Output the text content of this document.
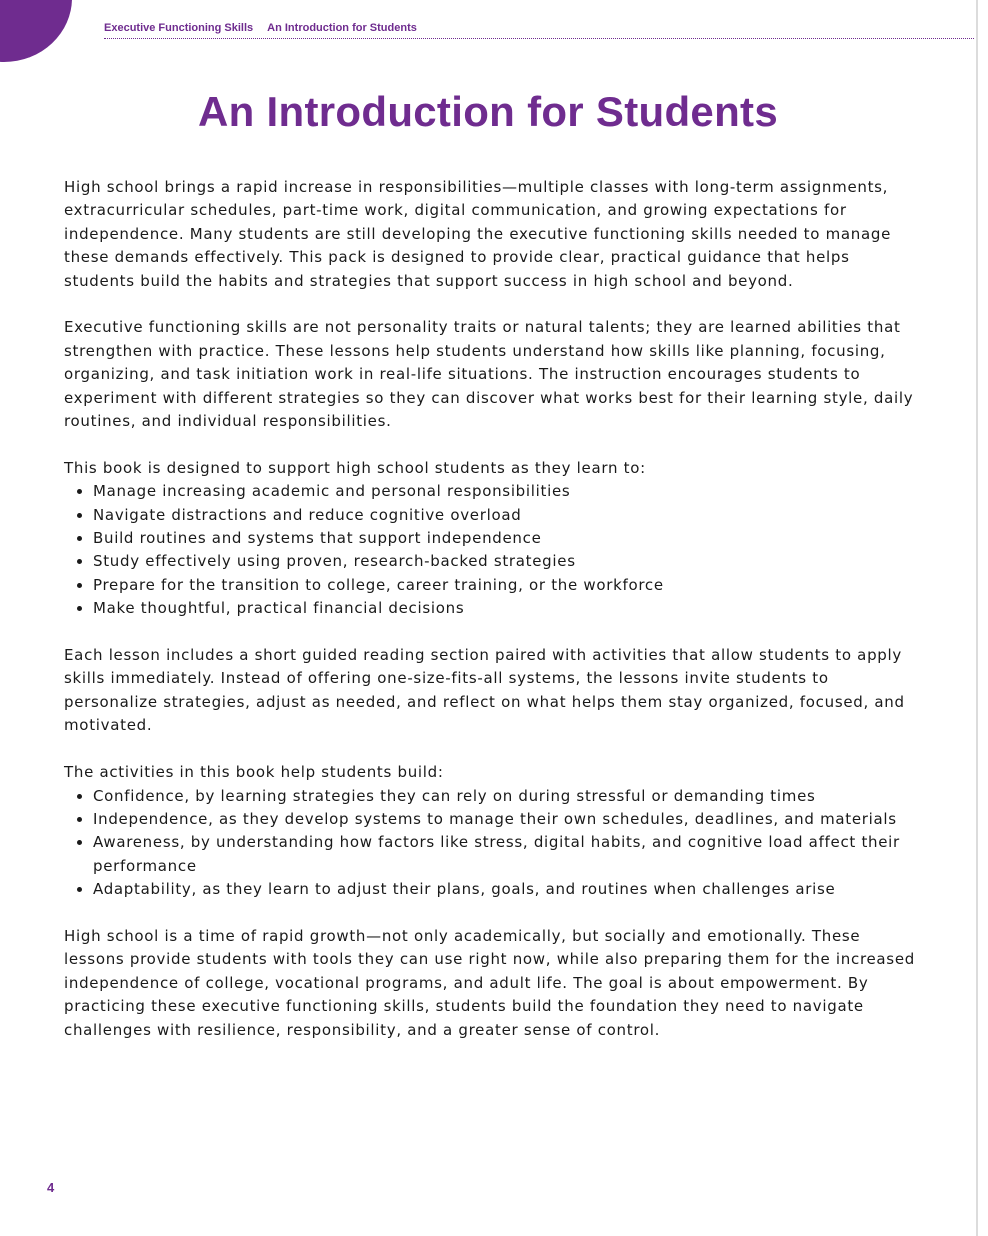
Executive Functioning Skills An Introduction for Students
An Introduction for Students

High school brings a rapid increase in responsibilities—multiple classes with long-term assignments, extracurricular schedules, part-time work, digital communication, and growing expectations for independence. Many students are still developing the executive functioning skills needed to manage these demands effectively. This pack is designed to provide clear, practical guidance that helps students build the habits and strategies that support success in high school and beyond.

Executive functioning skills are not personality traits or natural talents; they are learned abilities that strengthen with practice. These lessons help students understand how skills like planning, focusing, organizing, and task initiation work in real-life situations. The instruction encourages students to experiment with different strategies so they can discover what works best for their learning style, daily routines, and individual responsibilities.

This book is designed to support high school students as they learn to:

• Manage increasing academic and personal responsibilities
• Navigate distractions and reduce cognitive overload
• Build routines and systems that support independence
• Study effectively using proven, research-backed strategies
• Prepare for the transition to college, career training, or the workforce
• Make thoughtful, practical financial decisions

Each lesson includes a short guided reading section paired with activities that allow students to apply skills immediately. Instead of offering one-size-fits-all systems, the lessons invite students to personalize strategies, adjust as needed, and reflect on what helps them stay organized, focused, and motivated.

The activities in this book help students build:

• Confidence, by learning strategies they can rely on during stressful or demanding times
• Independence, as they develop systems to manage their own schedules, deadlines, and materials
• Awareness, by understanding how factors like stress, digital habits, and cognitive load affect their performance
• Adaptability, as they learn to adjust their plans, goals, and routines when challenges arise

High school is a time of rapid growth—not only academically, but socially and emotionally. These lessons provide students with tools they can use right now, while also preparing them for the increased independence of college, vocational programs, and adult life. The goal is about empowerment. By practicing these executive functioning skills, students build the foundation they need to navigate challenges with resilience, responsibility, and a greater sense of control.

4
